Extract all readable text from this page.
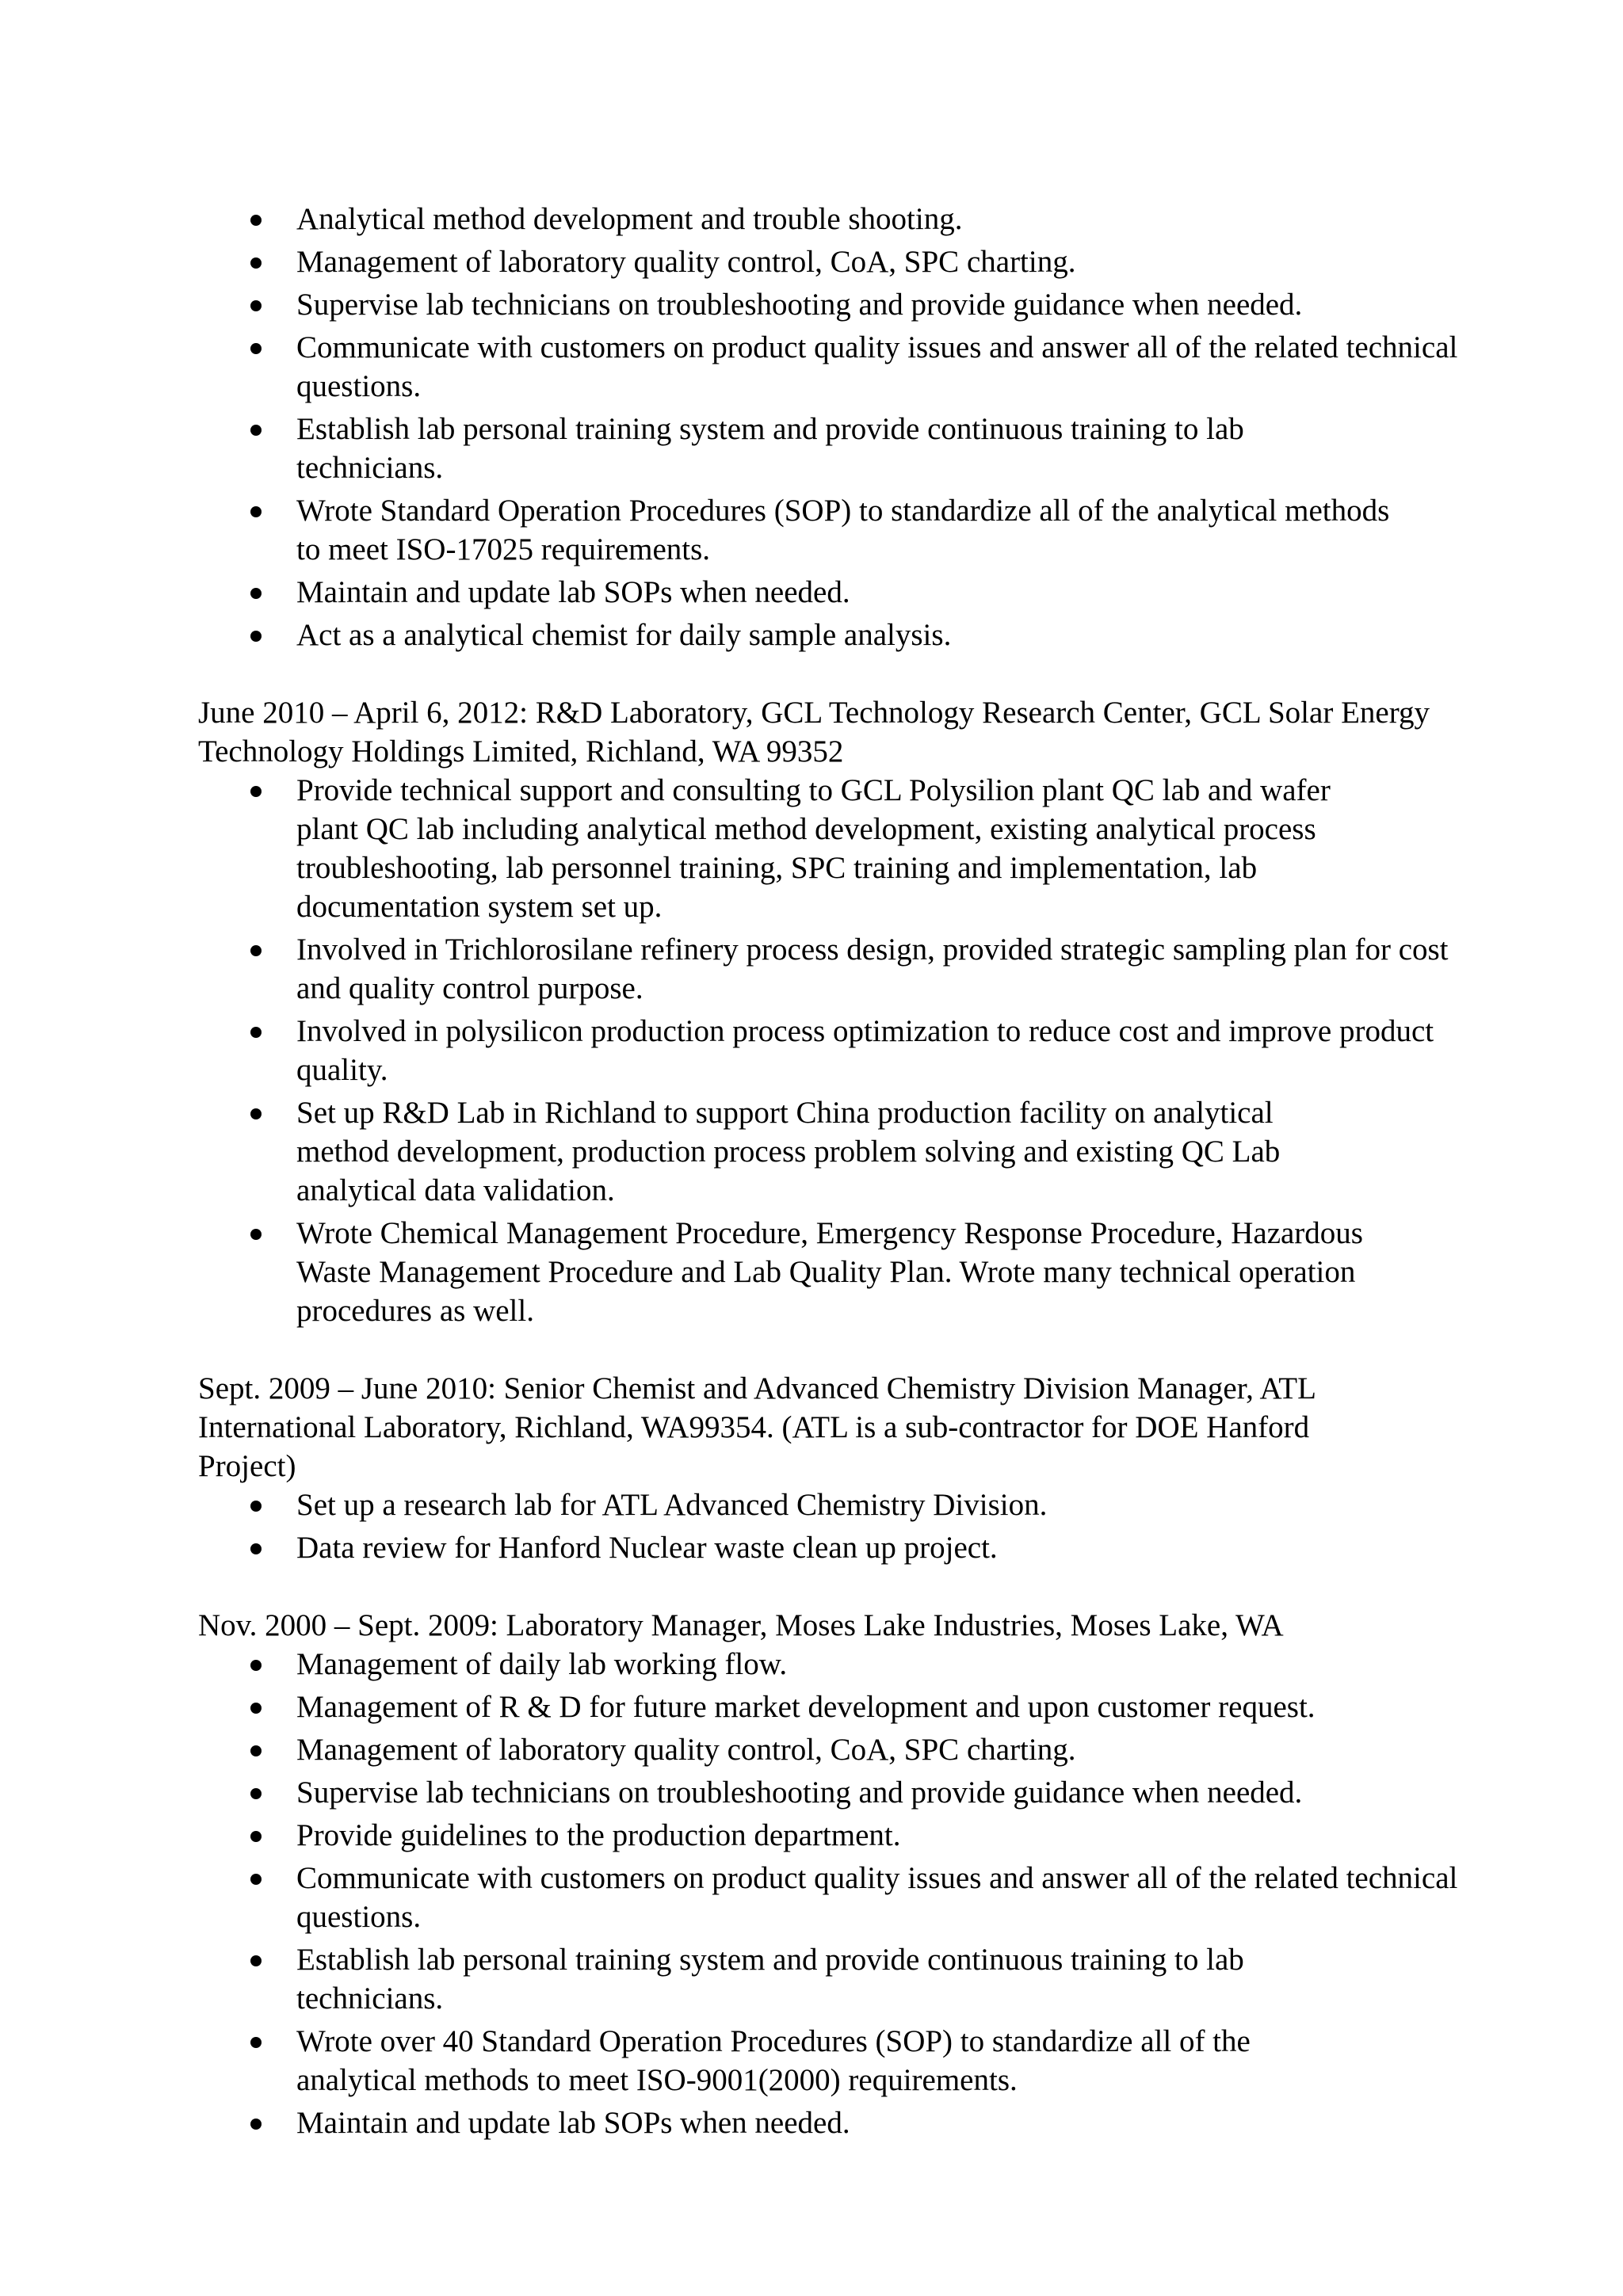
Analytical method development and trouble shooting.
Management of laboratory quality control, CoA, SPC charting.
Supervise lab technicians on troubleshooting and provide guidance when needed.
Communicate with customers on product quality issues and answer all of the related technical questions.
Establish lab personal training system and provide continuous training to lab technicians.
Wrote Standard Operation Procedures (SOP) to standardize all of the analytical methods to meet ISO-17025 requirements.
Maintain and update lab SOPs when needed.
Act as a analytical chemist for daily sample analysis.

June 2010 – April 6, 2012: R&D Laboratory, GCL Technology Research Center, GCL Solar Energy Technology Holdings Limited, Richland, WA 99352

Provide technical support and consulting to GCL Polysilion plant QC lab and wafer plant QC lab including analytical method development, existing analytical process troubleshooting, lab personnel training, SPC training and implementation, lab documentation system set up.
Involved in Trichlorosilane refinery process design, provided strategic sampling plan for cost and quality control purpose.
Involved in polysilicon production process optimization to reduce cost and improve product quality.
Set up R&D Lab in Richland to support China production facility on analytical method development, production process problem solving and existing QC Lab analytical data validation.
Wrote Chemical Management Procedure, Emergency Response Procedure, Hazardous Waste Management Procedure and Lab Quality Plan. Wrote many technical operation procedures as well.

Sept. 2009 – June 2010: Senior Chemist and Advanced Chemistry Division Manager, ATL International Laboratory, Richland, WA99354. (ATL is a sub-contractor for DOE Hanford Project)

Set up a research lab for ATL Advanced Chemistry Division.
Data review for Hanford Nuclear waste clean up project.

Nov. 2000 – Sept. 2009: Laboratory Manager, Moses Lake Industries, Moses Lake, WA

Management of daily lab working flow.
Management of R & D for future market development and upon customer request.
Management of laboratory quality control, CoA, SPC charting.
Supervise lab technicians on troubleshooting and provide guidance when needed.
Provide guidelines to the production department.
Communicate with customers on product quality issues and answer all of the related technical questions.
Establish lab personal training system and provide continuous training to lab technicians.
Wrote over 40 Standard Operation Procedures (SOP) to standardize all of the analytical methods to meet ISO-9001(2000) requirements.
Maintain and update lab SOPs when needed.
